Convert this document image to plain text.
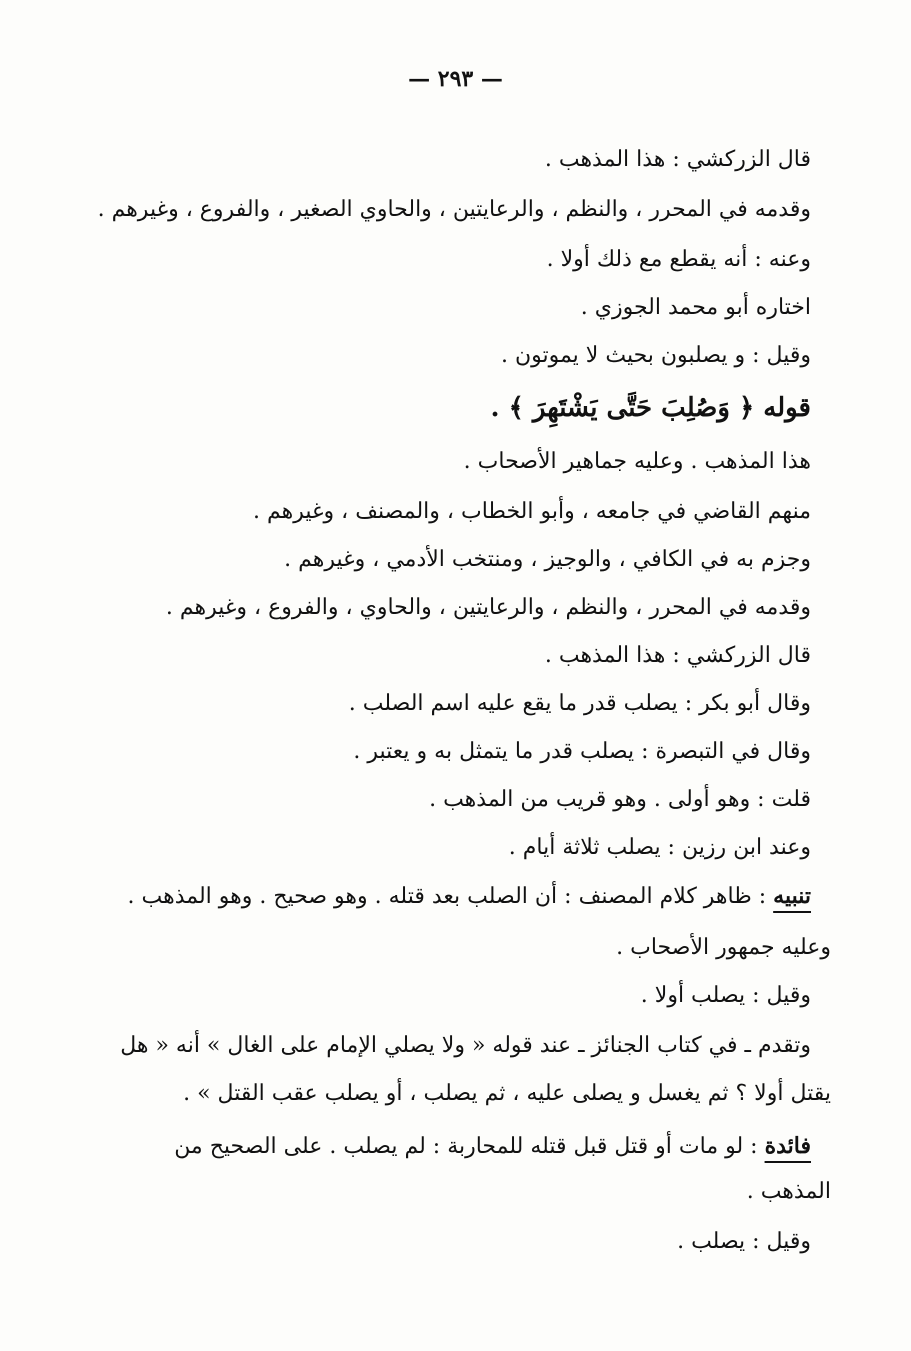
— ٢٩٣ —
قال الزركشي : هذا المذهب .
وقدمه في المحرر ، والنظم ، والرعايتين ، والحاوي الصغير ، والفروع ، وغيرهم .
وعنه : أنه يقطع مع ذلك أولا .
اختاره أبو محمد الجوزي .
وقيل : و يصلبون بحيث لا يموتون .
قوله ﴿ وَصُلِبَ حَتَّى يَشْتَهِرَ ﴾ .
هذا المذهب . وعليه جماهير الأصحاب .
منهم القاضي في جامعه ، وأبو الخطاب ، والمصنف ، وغيرهم .
وجزم به في الكافي ، والوجيز ، ومنتخب الأدمي ، وغيرهم .
وقدمه في المحرر ، والنظم ، والرعايتين ، والحاوي ، والفروع ، وغيرهم .
قال الزركشي : هذا المذهب .
وقال أبو بكر : يصلب قدر ما يقع عليه اسم الصلب .
وقال في التبصرة : يصلب قدر ما يتمثل به و يعتبر .
قلت : وهو أولى . وهو قريب من المذهب .
وعند ابن رزين : يصلب ثلاثة أيام .
تنبيه : ظاهر كلام المصنف : أن الصلب بعد قتله . وهو صحيح . وهو المذهب .
وعليه جمهور الأصحاب .
وقيل : يصلب أولا .
وتقدم ـ في كتاب الجنائز ـ عند قوله « ولا يصلي الإمام على الغال » أنه « هل
يقتل أولا ؟ ثم يغسل و يصلى عليه ، ثم يصلب ، أو يصلب عقب القتل » .
فائدة : لو مات أو قتل قبل قتله للمحاربة : لم يصلب . على الصحيح من
المذهب .
وقيل : يصلب .
